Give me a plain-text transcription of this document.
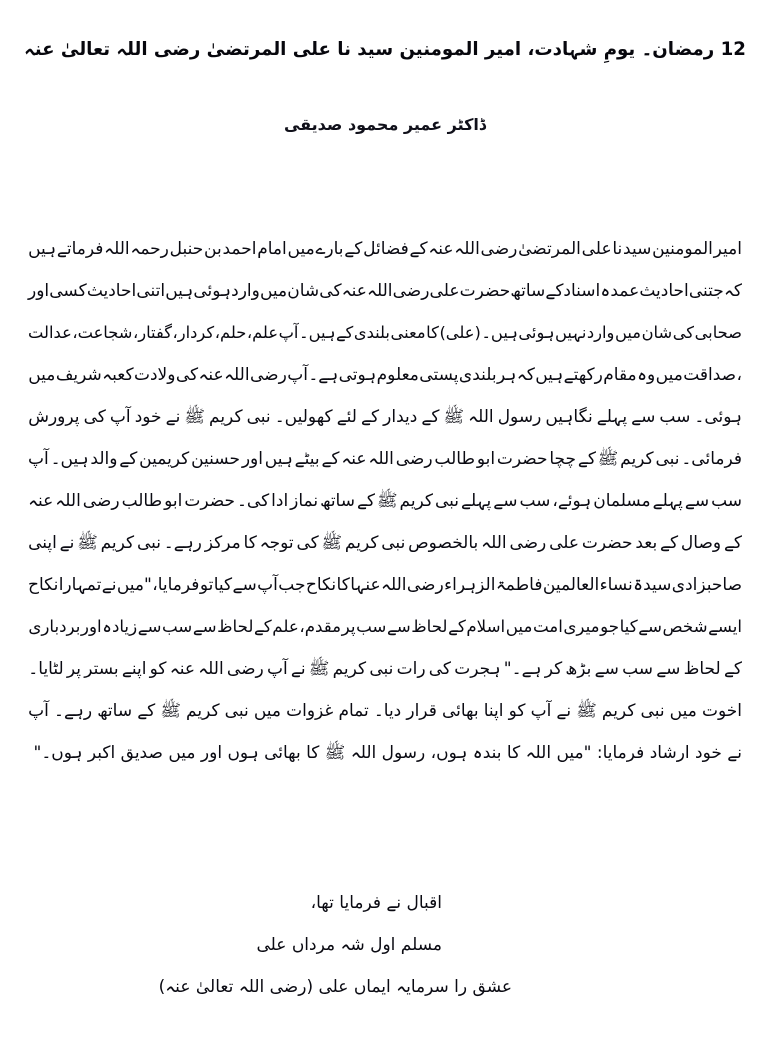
21 رمضان۔ یومِ شہادت، امیر المومنین سید نا علی المرتضیٰ رضی اللہ تعالیٰ عنہ
ڈاکٹر عمیر محمود صدیقی
امیر
المومنین
سید
نا
علی
المرتضیٰ
رضی
اللہ
عنہ
کے
فضائل
کے
بارے
میں
امام
احمد
بن
حنبل
رحمہ
اللہ
فرماتے
ہیں
کہ
جتنی
احادیث
عمدہ
اسنادکے
ساتھ
حضرت
علی
رضی
اللہ
عنہ
کی
شان
میں
وارد
ہوئی
ہیں
اتنی
احادیث
کسی
اور
صحابی
کی
شان
میں
وارد
نہیں
ہوئی
ہیں۔
(علی)
کا
معنی
بلندی
کے
ہیں۔
آپ
علم،
حلم،
کردار،
گفتار،
شجاعت،
عدالت
،
صداقت
میں
وہ
مقام
رکھتے
ہیں
کہ
ہر
بلندی
پستی
معلوم
ہوتی
ہے۔
آپ
رضی
اللہ
عنہ
کی
ولادت
کعبہ
شریف
میں
ہوئی۔
سب
سے
پہلے
نگاہیں
رسول
اللہ
ﷺ
کے
دیدار
کے
لئے
کھولیں۔
نبی
کریم
ﷺ
نے
خود
آپ
کی
پرورش
فرمائی۔
نبی
کریم
ﷺ
کے
چچا
حضرت
ابو
طالب
رضی
اللہ
عنہ
کے
بیٹے
ہیں
اور
حسنین
کریمین
کے
والد
ہیں۔
آپ
سب
سے
پہلے
مسلمان
ہوئے،
سب
سے
پہلے
نبی
کریم
ﷺ
کے
ساتھ
نماز
ادا
کی۔
حضرت
ابو
طالب
رضی
اللہ
عنہ
کے
وصال
کے
بعد
حضرت
علی
رضی
اللہ
بالخصوص
نبی
کریم
ﷺ
کی
توجہ
کا
مرکز
رہے۔
نبی
کریم
ﷺ
نے
اپنی
صاحبزادی
سیدۃ
نساء
العالمین
فاطمۃ
الزہراء
رضی
اللہ
عنہا
کا
نکاح
جب
آپ
سے
کیا
تو
فرمایا،
"میں
نے
تمہارا
نکاح
ایسے
شخص
سے
کیا
جو
میری
امت
میں
اسلام
کے
لحاظ
سے
سب
پر
مقدم،
علم
کے
لحاظ
سے
سب
سے
زیادہ
اور
بردباری
کے
لحاظ
سے
سب
سے
بڑھ
کر
ہے۔"
ہجرت
کی
رات
نبی
کریم
ﷺ
نے
آپ
رضی
اللہ
عنہ
کو
اپنے
بستر
پر
لٹایا۔
اخوت
میں
نبی
کریم
ﷺ
نے
آپ
کو
اپنا
بھائی
قرار
دیا۔
تمام
غزوات
میں
نبی
کریم
ﷺ
کے
ساتھ
رہے۔
آپ
نے خود ارشاد فرمایا: "میں اللہ کا بندہ ہوں، رسول اللہ ﷺ کا بھائی ہوں اور میں صدیق اکبر ہوں۔"
اقبال نے فرمایا تھا،
مسلم اول شہ مرداں علی
عشق را سرمایہ ایماں علی (رضی اللہ تعالیٰ عنہ)
